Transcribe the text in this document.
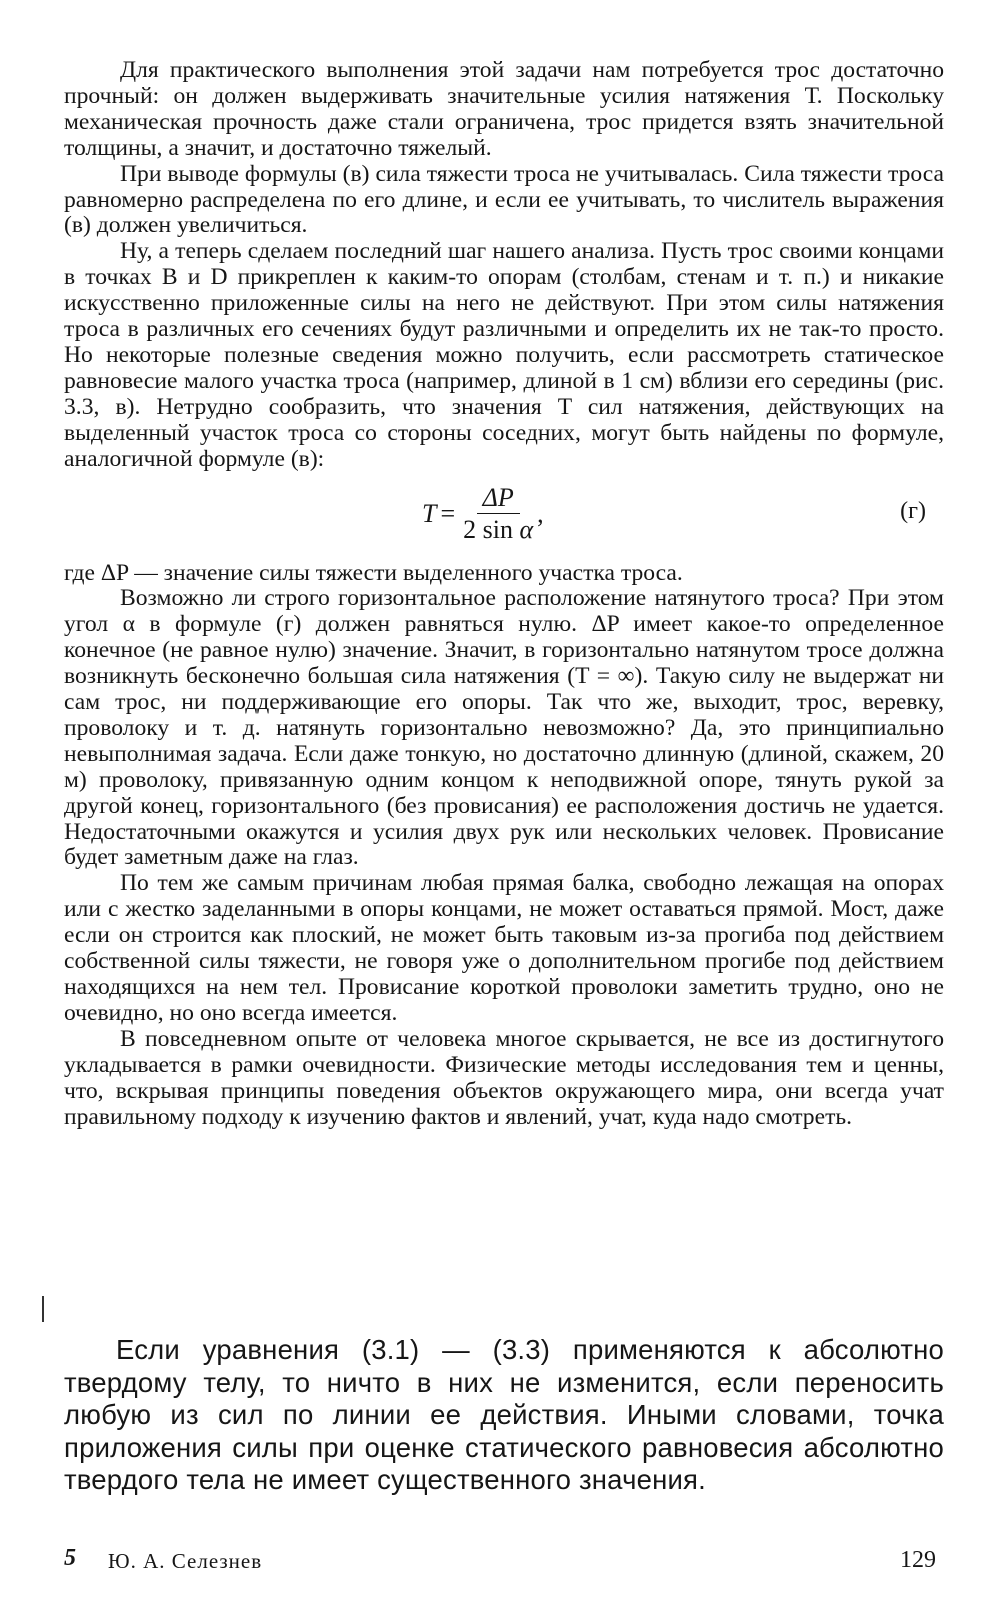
Для практического выполнения этой задачи нам потребуется трос достаточно прочный: он должен выдерживать значительные усилия натяжения Т. Поскольку механическая прочность даже стали ограничена, трос придется взять значительной толщины, а значит, и достаточно тяжелый.

При выводе формулы (в) сила тяжести троса не учитывалась. Сила тяжести троса равномерно распределена по его длине, и если ее учитывать, то числитель выражения (в) должен увеличиться.

Ну, а теперь сделаем последний шаг нашего анализа. Пусть трос своими концами в точках B и D прикреплен к каким-то опорам (столбам, стенам и т. п.) и никакие искусственно приложенные силы на него не действуют. При этом силы натяжения троса в различных его сечениях будут различными и определить их не так-то просто. Но некоторые полезные сведения можно получить, если рассмотреть статическое равновесие малого участка троса (например, длиной в 1 см) вблизи его середины (рис. 3.3, в). Нетрудно сообразить, что значения T сил натяжения, действующих на выделенный участок троса со стороны соседних, могут быть найдены по формуле, аналогичной формуле (в):

$T = \frac{\Delta P}{\text{2 sin α}}$ ,	(г)

где ΔP — значение силы тяжести выделенного участка троса.

Возможно ли строго горизонтальное расположение натянутого троса? При этом угол α в формуле (г) должен равняться нулю. ΔP имеет какое-то определенное конечное (не равное нулю) значение. Значит, в горизонтально натянутом тросе должна возникнуть бесконечно большая сила натяжения (T = ∞). Такую силу не выдержат ни сам трос, ни поддерживающие его опоры. Так что же, выходит, трос, веревку, проволоку и т. д. натянуть горизонтально невозможно? Да, это принципиально невыполнимая задача. Если даже тонкую, но достаточно длинную (длиной, скажем, 20 м) проволоку, привязанную одним концом к неподвижной опоре, тянуть рукой за другой конец, горизонтального (без провисания) ее расположения достичь не удается. Недостаточными окажутся и усилия двух рук или нескольких человек. Провисание будет заметным даже на глаз.

По тем же самым причинам любая прямая балка, свободно лежащая на опорах или с жестко заделанными в опоры концами, не может оставаться прямой. Мост, даже если он строится как плоский, не может быть таковым из-за прогиба под действием собственной силы тяжести, не говоря уже о дополнительном прогибе под действием находящихся на нем тел. Провисание короткой проволоки заметить трудно, оно не очевидно, но оно всегда имеется.

В повседневном опыте от человека многое скрывается, не все из достигнутого укладывается в рамки очевидности. Физические методы исследования тем и ценны, что, вскрывая принципы поведения объектов окружающего мира, они всегда учат правильному подходу к изучению фактов и явлений, учат, куда надо смотреть.

Если уравнения (3.1) — (3.3) применяются к абсолютно твердому телу, то ничто в них не изменится, если переносить любую из сил по линии ее действия. Иными словами, точка приложения силы при оценке статического равновесия абсолютно твердого тела не имеет существенного значения.

5 Ю. А. Селезнев	129
